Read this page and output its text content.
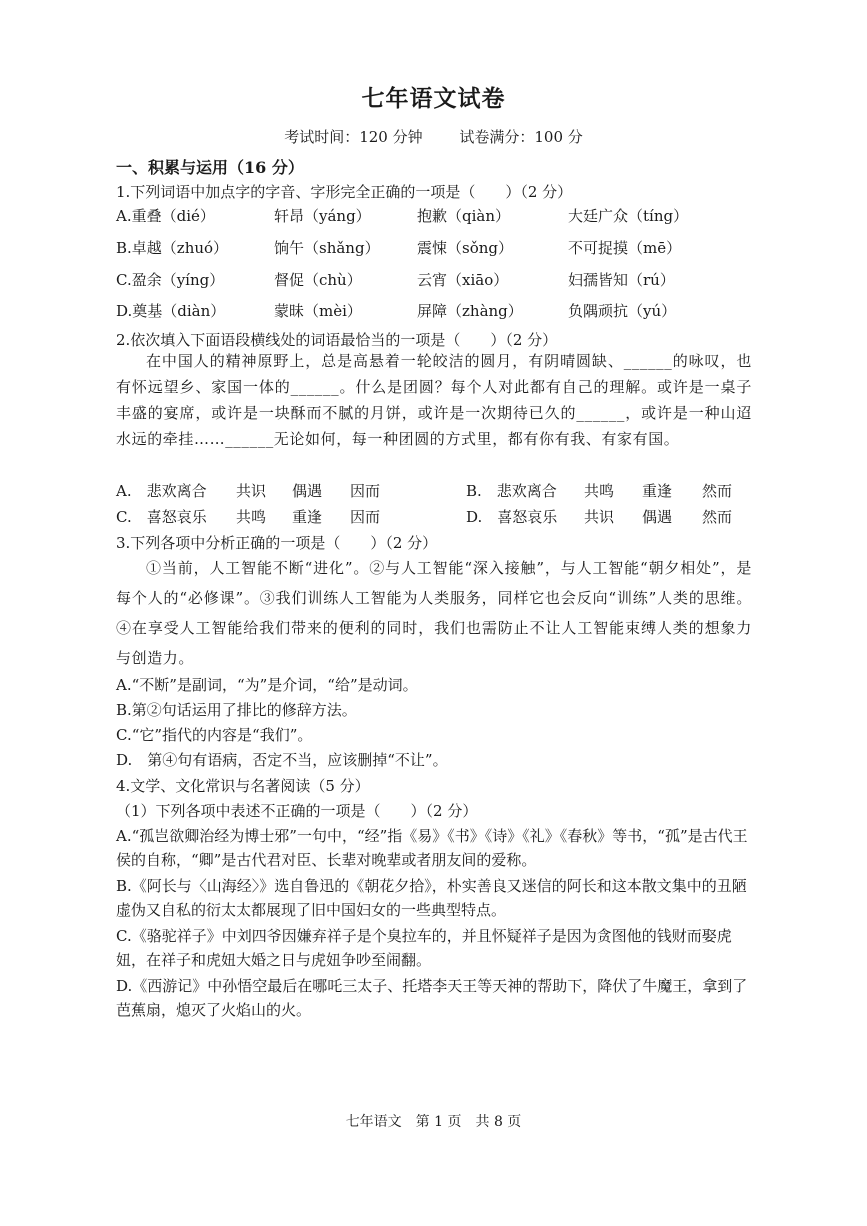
七年语文试卷
考试时间：120 分钟 试卷满分：100 分
一、积累与运用（16 分）
1.下列词语中加点字的字音、字形完全正确的一项是（　　）（2 分）
A.重叠（dié）	轩昂（yáng）	抱歉（qiàn）	大廷广众（tíng）
B.卓越（zhuó）	饷午（shǎng） 震悚（sǒng）	不可捉摸（mē）
C.盈余（yíng）	督促（chù）	云宵（xiāo）	妇孺皆知（rú）
D.奠基（diàn）	蒙昧（mèi）	屏障（zhàng）	负隅顽抗（yú）
2.依次填入下面语段横线处的词语最恰当的一项是（　　）（2 分）
在中国人的精神原野上，总是高悬着一轮皎洁的圆月，有阴晴圆缺、______的咏叹，也有怀远望乡、家国一体的______。什么是团圆？每个人对此都有自己的理解。或许是一桌子丰盛的宴席，或许是一块酥而不腻的月饼，或许是一次期待已久的______，或许是一种山迢水远的牵挂……______无论如何，每一种团圆的方式里，都有你有我、有家有国。
A.　悲欢离合 共识 偶遇 因而	B.　悲欢离合 共鸣 重逢 然而
C.　喜怒哀乐 共鸣 重逢 因而	D.　喜怒哀乐 共识 偶遇 然而
3.下列各项中分析正确的一项是（　　）（2 分）
①当前，人工智能不断“进化”。②与人工智能“深入接触”，与人工智能“朝夕相处”，是每个人的“必修课”。③我们训练人工智能为人类服务，同样它也会反向“训练”人类的思维。④在享受人工智能给我们带来的便利的同时，我们也需防止不让人工智能束缚人类的想象力与创造力。
A.“不断”是副词，“为”是介词，“给”是动词。
B.第②句话运用了排比的修辞方法。
C.“它”指代的内容是“我们”。
D.　第④句有语病，否定不当，应该删掉“不让”。
4.文学、文化常识与名著阅读（5 分）
（1）下列各项中表述不正确的一项是（　　）（2 分）
A.“孤岂欲卿治经为博士邪”一句中，“经”指《易》《书》《诗》《礼》《春秋》等书，“孤”是古代王侯的自称，“卿”是古代君对臣、长辈对晚辈或者朋友间的爱称。
B.《阿长与〈山海经〉》选自鲁迅的《朝花夕拾》，朴实善良又迷信的阿长和这本散文集中的丑陋虚伪又自私的衍太太都展现了旧中国妇女的一些典型特点。
C.《骆驼祥子》中刘四爷因嫌弃祥子是个臭拉车的，并且怀疑祥子是因为贪图他的钱财而娶虎妞，在祥子和虎妞大婚之日与虎妞争吵至闹翻。
D.《西游记》中孙悟空最后在哪吒三太子、托塔李天王等天神的帮助下，降伏了牛魔王，拿到了芭蕉扇，熄灭了火焰山的火。
七年语文　第 1 页　共 8 页
